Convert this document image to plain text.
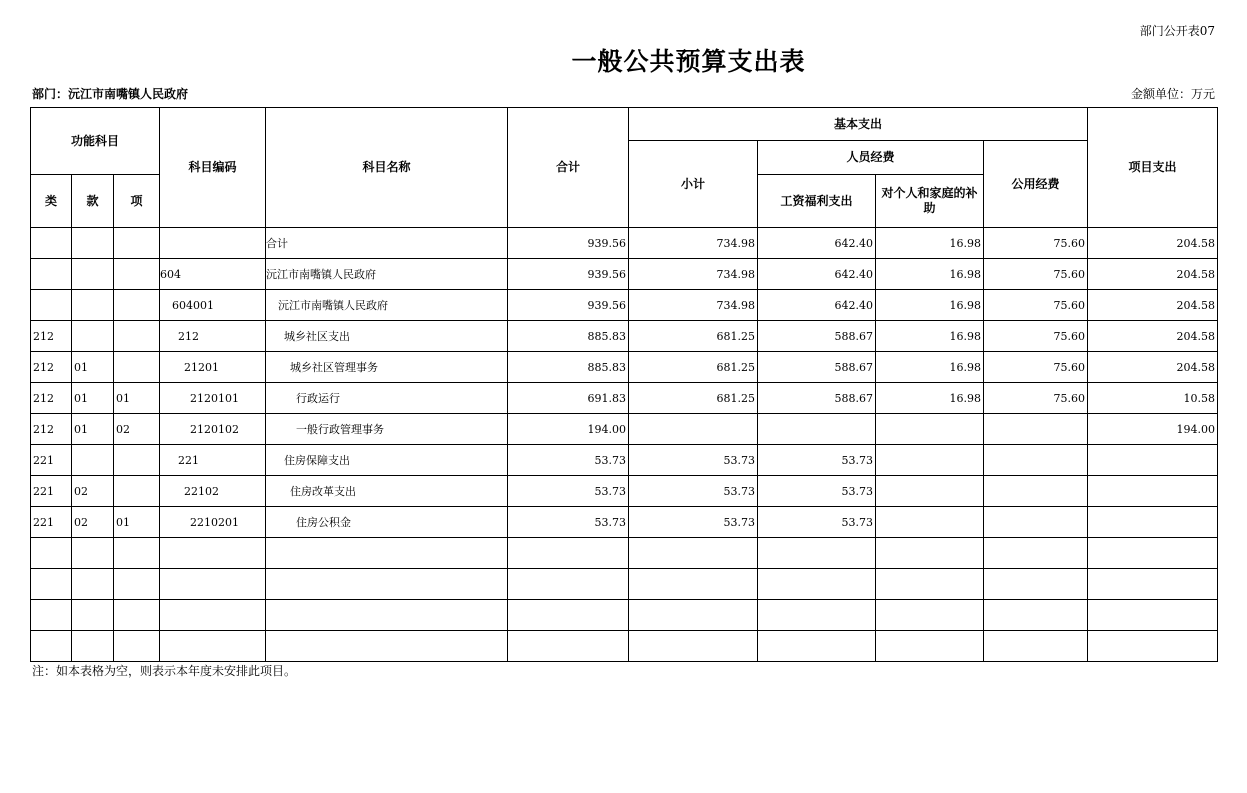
部门公开表07
一般公共预算支出表
部门：沅江市南嘴镇人民政府	金额单位：万元
功能科目			科目编码	科目名称	合计	基本支出				项目支出
						小计	人员经费		公用经费	
类	款	项					工资福利支出	对个人和家庭的补助		
				合计	939.56	734.98	642.40	16.98	75.60	204.58
			604	沅江市南嘴镇人民政府	939.56	734.98	642.40	16.98	75.60	204.58
			604001	沅江市南嘴镇人民政府	939.56	734.98	642.40	16.98	75.60	204.58
212			212	城乡社区支出	885.83	681.25	588.67	16.98	75.60	204.58
212	01		21201	城乡社区管理事务	885.83	681.25	588.67	16.98	75.60	204.58
212	01	01	2120101	行政运行	691.83	681.25	588.67	16.98	75.60	10.58
212	01	02	2120102	一般行政管理事务	194.00					194.00
221			221	住房保障支出	53.73	53.73	53.73			
221	02		22102	住房改革支出	53.73	53.73	53.73			
221	02	01	2210201	住房公积金	53.73	53.73	53.73			

注：如本表格为空，则表示本年度未安排此项目。
